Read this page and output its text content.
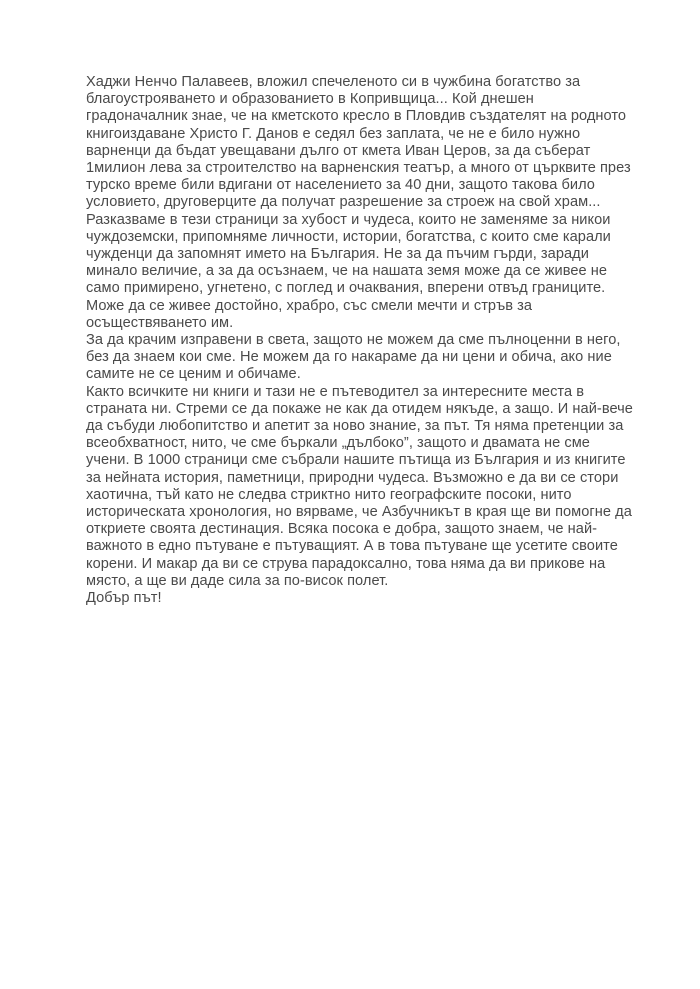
Хаджи Ненчо Палавеев, вложил спечеленото си в чужбина богатство за
благоустрояването и образованието в Копривщица... Кой днешен
градоначалник знае, че на кметското кресло в Пловдив създателят на родното
книгоиздаване Христо Г. Данов е седял без заплата, че не е било нужно
варненци да бъдат увещавани дълго от кмета Иван Церов, за да съберат
1милион лева за строителство на варненския театър, а много от църквите през
турско време били вдигани от населението за 40 дни, защото такова било
условието, друговерците да получат разрешение за строеж на свой храм...
Разказваме в тези страници за хубост и чудеса, които не заменяме за никои
чуждоземски, припомняме личности, истории, богатства, с които сме карали
чужденци да запомнят името на България. Не за да пъчим гърди, заради
минало величие, а за да осъзнаем, че на нашата земя може да се живее не
само примирено, угнетено, с поглед и очаквания, вперени отвъд границите.
Може да се живее достойно, храбро, със смели мечти и стръв за
осъществяването им.
За да крачим изправени в света, защото не можем да сме пълноценни в него,
без да знаем кои сме. Не можем да го накараме да ни цени и обича, ако ние
самите не се ценим и обичаме.
Както всичките ни книги и тази не е пътеводител за интересните места в
страната ни. Стреми се да покаже не как да отидем някъде, а защо. И най-вече
да събуди любопитство и апетит за ново знание, за път. Тя няма претенции за
всеобхватност, нито, че сме бъркали „дълбоко”, защото и двамата не сме
учени. В 1000 страници сме събрали нашите пътища из България и из книгите
за нейната история, паметници, природни чудеса. Възможно е да ви се стори
хаотична, тъй като не следва стриктно нито географските посоки, нито
историческата хронология, но вярваме, че Азбучникът в края ще ви помогне да
откриете своята дестинация. Всяка посока е добра, защото знаем, че най-
важното в едно пътуване е пътуващият. А в това пътуване ще усетите своите
корени. И макар да ви се струва парадоксално, това няма да ви прикове на
място, а ще ви даде сила за по-висок полет.
Добър път!
